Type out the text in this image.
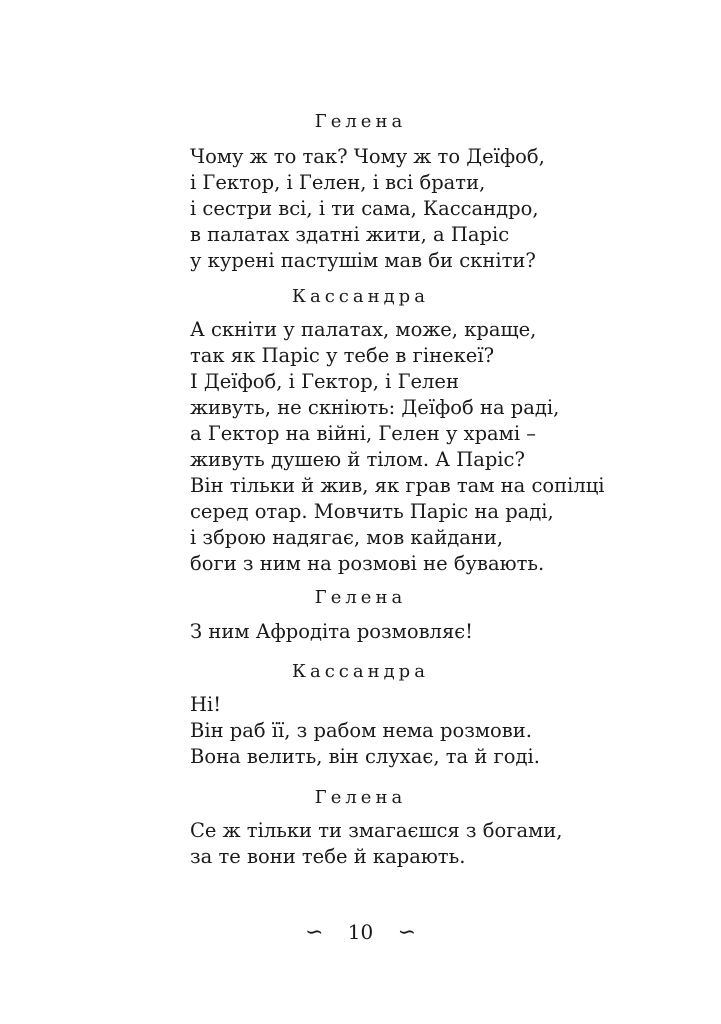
Гелена
Чому ж то так? Чому ж то Деїфоб,
і Гектор, і Гелен, і всі брати,
і сестри всі, і ти сама, Кассандро,
в палатах здатні жити, а Паріс
у курені пастушім мав би скніти?
Кассандра
А скніти у палатах, може, краще,
так як Паріс у тебе в гінекеї?
І Деїфоб, і Гектор, і Гелен
живуть, не скніють: Деїфоб на раді,
а Гектор на війні, Гелен у храмі –
живуть душею й тілом. А Паріс?
Він тільки й жив, як грав там на сопілці
серед отар. Мовчить Паріс на раді,
і зброю надягає, мов кайдани,
боги з ним на розмові не бувають.
Гелена
З ним Афродіта розмовляє!
Кассандра
Ні!
Він раб її, з рабом нема розмови.
Вона велить, він слухає, та й годі.
Гелена
Се ж тільки ти змагаєшся з богами,
за те вони тебе й карають.
∽ 10 ∽
